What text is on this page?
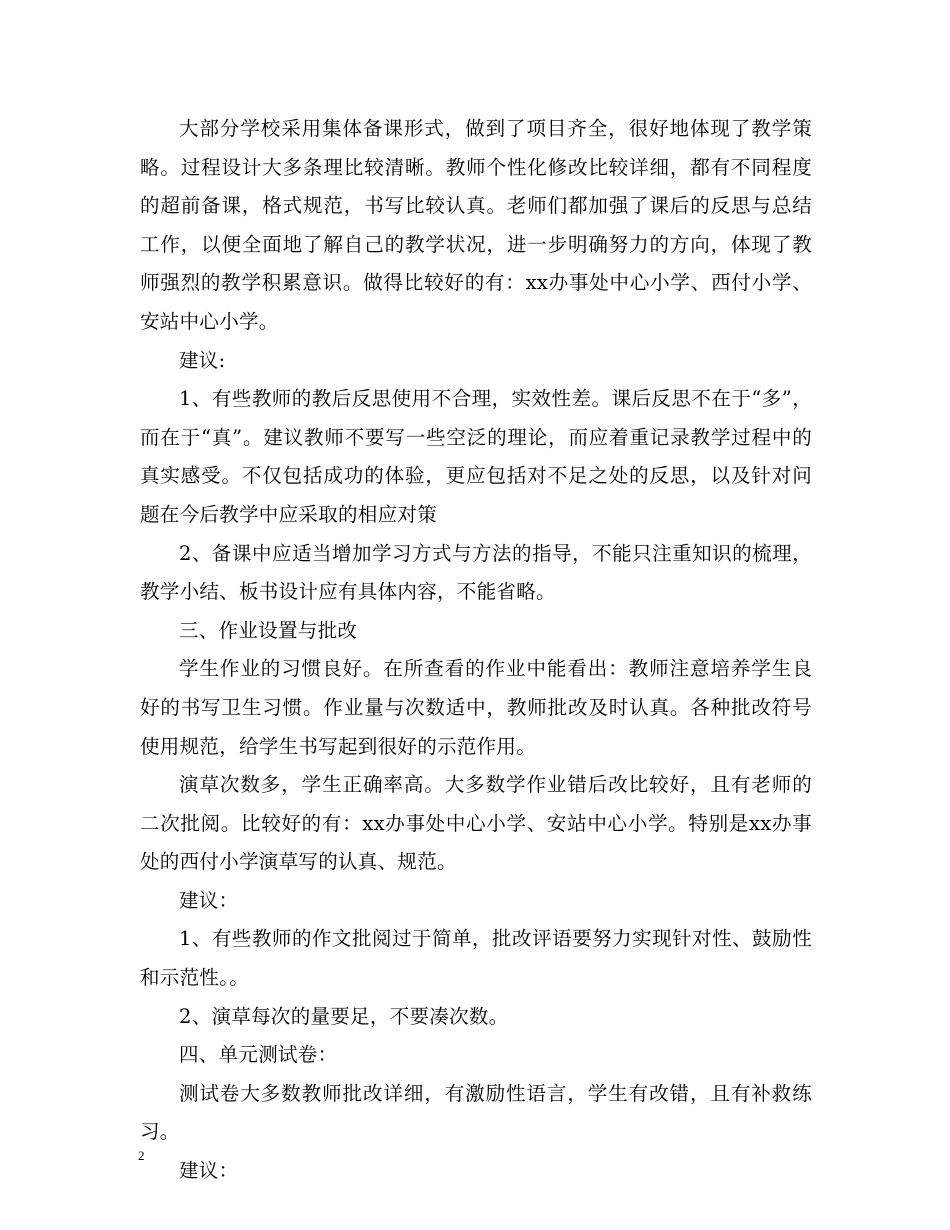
大部分学校采用集体备课形式，做到了项目齐全，很好地体现了教学策略。过程设计大多条理比较清晰。教师个性化修改比较详细，都有不同程度的超前备课，格式规范，书写比较认真。老师们都加强了课后的反思与总结工作，以便全面地了解自己的教学状况，进一步明确努力的方向，体现了教师强烈的教学积累意识。做得比较好的有：xx办事处中心小学、西付小学、安站中心小学。

建议:

1、有些教师的教后反思使用不合理，实效性差。课后反思不在于“多”，而在于“真”。建议教师不要写一些空泛的理论，而应着重记录教学过程中的真实感受。不仅包括成功的体验，更应包括对不足之处的反思，以及针对问题在今后教学中应采取的相应对策

2、备课中应适当增加学习方式与方法的指导，不能只注重知识的梳理，教学小结、板书设计应有具体内容，不能省略。

三、作业设置与批改

学生作业的习惯良好。在所查看的作业中能看出：教师注意培养学生良好的书写卫生习惯。作业量与次数适中，教师批改及时认真。各种批改符号使用规范，给学生书写起到很好的示范作用。

演草次数多，学生正确率高。大多数学作业错后改比较好，且有老师的二次批阅。比较好的有：xx办事处中心小学、安站中心小学。特别是xx办事处的西付小学演草写的认真、规范。

建议：

1、有些教师的作文批阅过于简单，批改评语要努力实现针对性、鼓励性和示范性。。

2、演草每次的量要足，不要凑次数。

四、单元测试卷：

测试卷大多数教师批改详细，有激励性语言，学生有改错，且有补救练习。

建议：

2
